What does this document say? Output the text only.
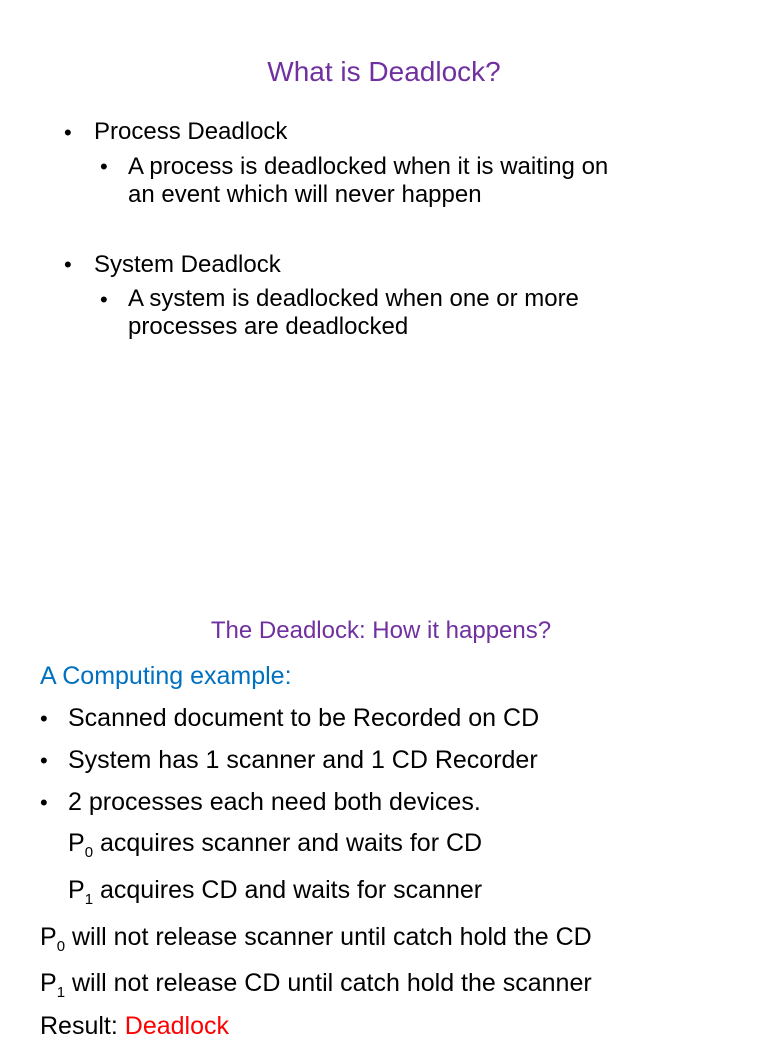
What is Deadlock?
• Process Deadlock
• A process is deadlocked when it is waiting on
an event which will never happen
• System Deadlock
• A system is deadlocked when one or more
processes are deadlocked
The Deadlock: How it happens?
A Computing example:
• Scanned document to be Recorded on CD
• System has 1 scanner and 1 CD Recorder
• 2 processes each need both devices.
$P_0$ acquires scanner and waits for CD
$P_1$ acquires CD and waits for scanner
$P_0$ will not release scanner until catch hold the CD
$P_1$ will not release CD until catch hold the scanner
Result: Deadlock
